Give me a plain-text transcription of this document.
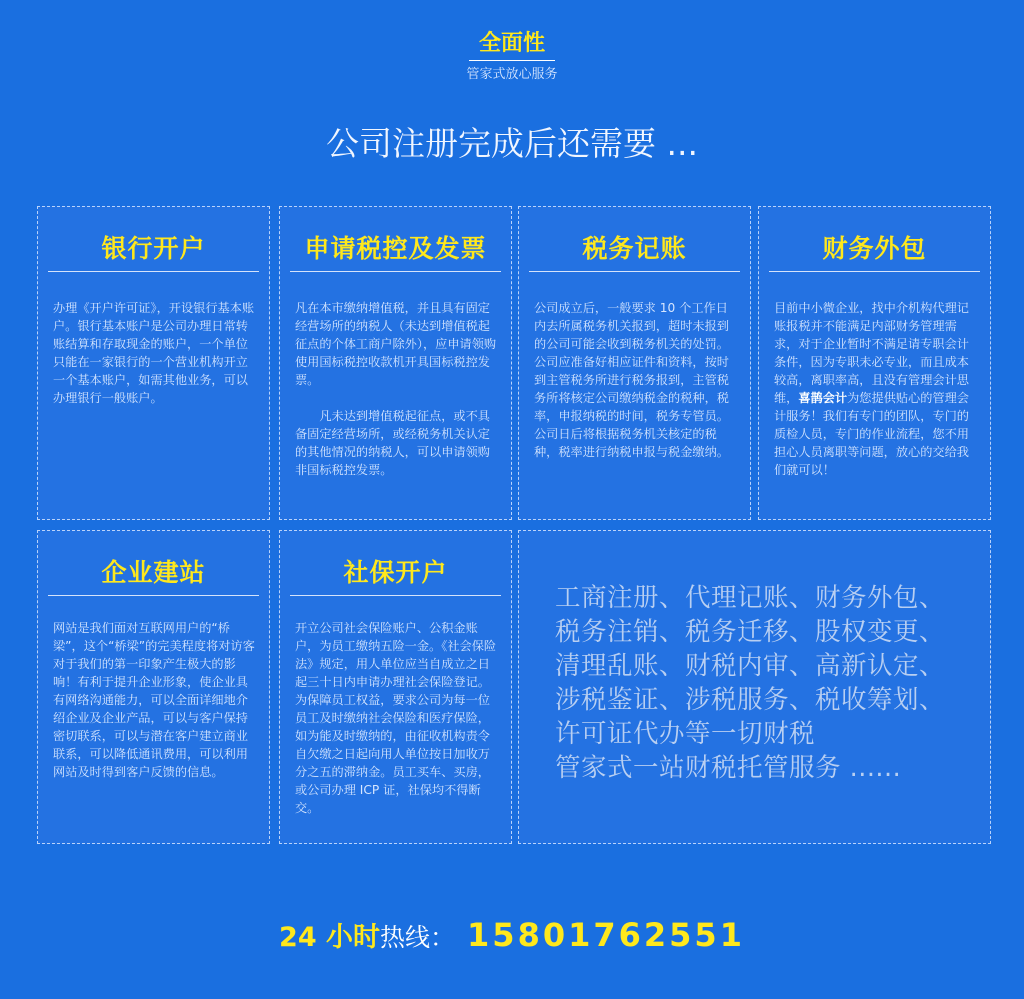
全面性
管家式放心服务
公司注册完成后还需要 ...
银行开户
办理《开户许可证》，开设银行基本账户。银行基本账户是公司办理日常转账结算和存取现金的账户，一个单位只能在一家银行的一个营业机构开立一个基本账户，如需其他业务，可以办理银行一般账户。
申请税控及发票
凡在本市缴纳增值税，并且具有固定经营场所的纳税人（未达到增值税起征点的个体工商户除外），应申请领购使用国标税控收款机开具国标税控发票。

　　凡未达到增值税起征点，或不具备固定经营场所，或经税务机关认定的其他情况的纳税人，可以申请领购非国标税控发票。
税务记账
公司成立后，一般要求 10 个工作日内去所属税务机关报到，超时未报到的公司可能会收到税务机关的处罚。公司应准备好相应证件和资料，按时到主管税务所进行税务报到，主管税务所将核定公司缴纳税金的税种，税率，申报纳税的时间，税务专管员。公司日后将根据税务机关核定的税种，税率进行纳税申报与税金缴纳。
财务外包
目前中小微企业，找中介机构代理记账报税并不能满足内部财务管理需求，对于企业暂时不满足请专职会计条件，因为专职未必专业，而且成本较高，离职率高，且没有管理会计思维，喜鹊会计为您提供贴心的管理会计服务！我们有专门的团队，专门的质检人员，专门的作业流程，您不用担心人员离职等问题，放心的交给我们就可以！
企业建站
网站是我们面对互联网用户的“桥梁”，这个“桥梁”的完美程度将对访客对于我们的第一印象产生极大的影响！有利于提升企业形象，使企业具有网络沟通能力，可以全面详细地介绍企业及企业产品，可以与客户保持密切联系，可以与潜在客户建立商业联系，可以降低通讯费用，可以利用网站及时得到客户反馈的信息。
社保开户
开立公司社会保险账户、公积金账户，为员工缴纳五险一金。《社会保险法》规定，用人单位应当自成立之日起三十日内申请办理社会保险登记。为保障员工权益，要求公司为每一位员工及时缴纳社会保险和医疗保险，如为能及时缴纳的，由征收机构责令自欠缴之日起向用人单位按日加收万分之五的滞纳金。员工买车、买房，或公司办理 ICP 证，社保均不得断交。
工商注册、代理记账、财务外包、
税务注销、税务迁移、股权变更、
清理乱账、财税内审、高新认定、
涉税鉴证、涉税服务、税收筹划、
许可证代办等一切财税
管家式一站财税托管服务 ......
24 小时热线： 15801762551
